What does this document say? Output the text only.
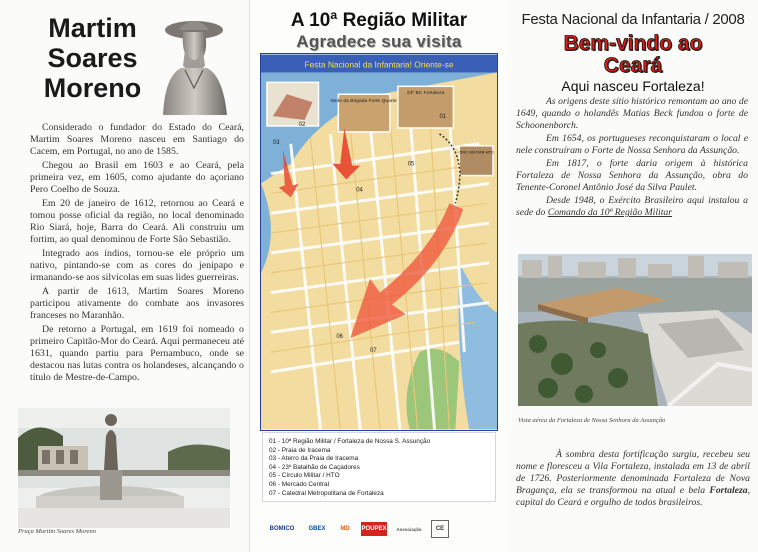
Martim
Soares
Moreno

Considerado o fundador do Estado do Ceará, Martim Soares Moreno nasceu em Santiago do Cacem, em Portugal, no ano de 1585.

Chegou ao Brasil em 1603 e ao Ceará, pela primeira vez, em 1605, como ajudante do açoriano Pero Coelho de Souza.

Em 20 de janeiro de 1612, retornou ao Ceará e tomou posse oficial da região, no local denominado Rio Siará, hoje, Barra do Ceará. Ali construiu um fortim, ao qual denominou de Forte São Sebastião.

Integrado aos índios, tornou-se ele próprio um nativo, pintando-se com as cores do jenipapo e irmanando-se aos silvícolas em suas lides guerreiras.

A partir de 1613, Martim Soares Moreno participou ativamente do combate aos invasores franceses no Maranhão.

De retorno a Portugal, em 1619 foi nomeado o primeiro Capitão-Mor do Ceará. Aqui permaneceu até 1631, quando partiu para Pernambuco, onde se destacou nas lutas contra os holandeses, alcançando o título de Mestre-de-Campo.

Praça Martim Soares Moreno
A 10ª Região Militar
Agradece sua visita
Festa Nacional da Infantaria! Oriente-se
Sede da Brigada Forte Quartel
23º BC Fortaleza
CIRC MILITAR HTO
02
03
01
04
06
07
05
01 - 10ª Região Militar / Fortaleza de Nossa S. Assunção
02 - Praia de Iracema
03 - Aterro da Praia de Iracema
04 - 23º Batalhão de Caçadores
05 - Círculo Militar / HTO
06 - Mercado Central
07 - Catedral Metropolitana de Fortaleza
BOMICO	GBEX	MD	POUPEX	Associação	CE
Festa Nacional da Infantaria / 2008
Bem-vindo ao
Ceará
Aqui nasceu Fortaleza!

As origens deste sítio histórico remontam ao ano de 1649, quando o holandês Matias Beck fundou o forte de Schoonenborch.

Em 1654, os portugueses reconquistaram o local e nele construíram o Forte de Nossa Senhora da Assunção.

Em 1817, o forte daria origem à histórica Fortaleza de Nossa Senhora da Assunção, obra do Tenente-Coronel Antônio José da Silva Paulet.

Desde 1948, o Exército Brasileiro aqui instalou a sede do Comando da 10ª Região Militar

Vista aérea da Fortaleza de Nossa Senhora da Assunção

À sombra desta fortificação surgiu, recebeu seu nome e floresceu a Vila Fortaleza, instalada em 13 de abril de 1726. Posteriormente denominada Fortaleza de Nova Bragança, ela se transformou na atual e bela Fortaleza, capital do Ceará e orgulho de todos brasileiros.
